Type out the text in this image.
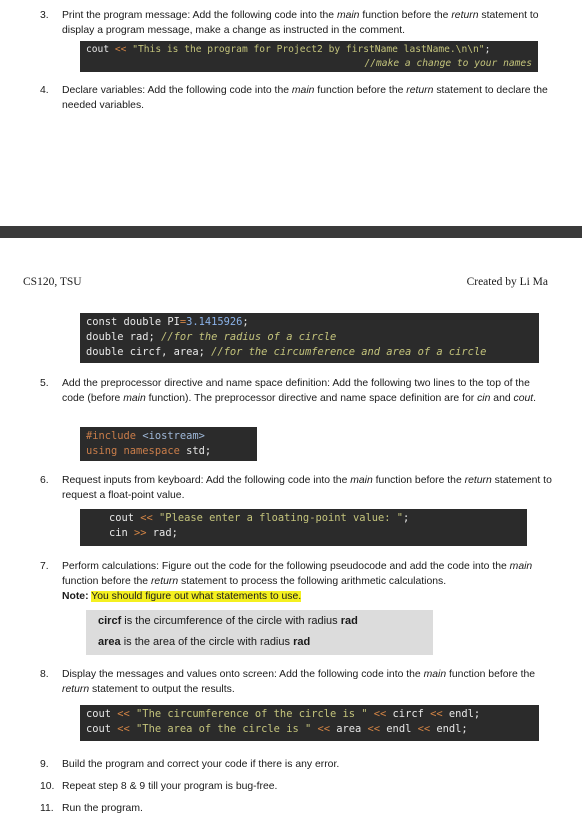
3.	Print the program message: Add the following code into the main function before the return statement to display a program message, make a change as instructed in the comment.
cout << "This is the program for Project2 by firstName lastName.\n\n";

//make a change to your names
4.	Declare variables: Add the following code into the main function before the return statement to declare the needed variables.
CS120, TSU	Created by Li Ma
const double PI=3.1415926;
double rad; //for the radius of a circle
double circf, area; //for the circumference and area of a circle
5.	Add the preprocessor directive and name space definition: Add the following two lines to the top of the code (before main function). The preprocessor directive and name space definition are for cin and cout.
#include <iostream>
using namespace std;
6.	Request inputs from keyboard: Add the following code into the main function before the return statement to request a float-point value.
cout << "Please enter a floating-point value: ";
cin >> rad;
7.	Perform calculations: Figure out the code for the following pseudocode and add the code into the main function before the return statement to process the following arithmetic calculations.
Note: You should figure out what statements to use.
circf is the circumference of the circle with radius rad
area is the area of the circle with radius rad
8.	Display the messages and values onto screen: Add the following code into the main function before the return statement to output the results.
cout << "The circumference of the circle is " << circf << endl;
cout << "The area of the circle is " << area << endl << endl;
9.	Build the program and correct your code if there is any error.
10. Repeat step 8 & 9 till your program is bug-free.
11. Run the program.
